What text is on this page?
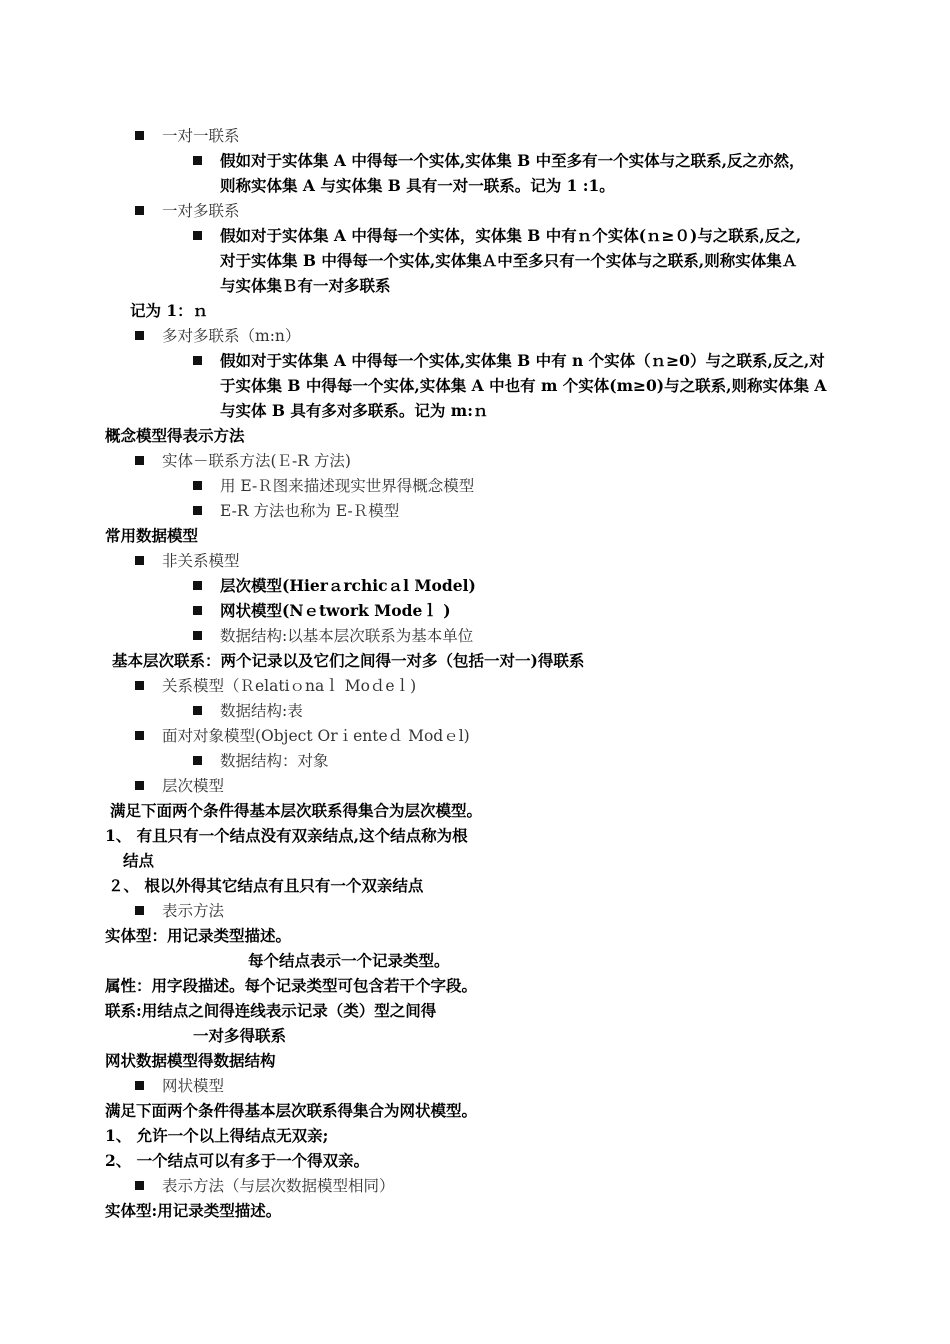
一对一联系
假如对于实体集 A 中得每一个实体,实体集 B 中至多有一个实体与之联系,反之亦然，
则称实体集 A 与实体集 B 具有一对一联系。记为 1 :1。
一对多联系
假如对于实体集 A 中得每一个实体，实体集 B 中有ｎ个实体(ｎ≥０)与之联系,反之,
对于实体集 B 中得每一个实体,实体集Ａ中至多只有一个实体与之联系,则称实体集Ａ
与实体集Ｂ有一对多联系
记为 1：ｎ
多对多联系（m:n）
假如对于实体集 A 中得每一个实体,实体集 B 中有 n 个实体（ｎ≥0）与之联系,反之,对
于实体集 B 中得每一个实体,实体集 A 中也有 m 个实体(m≥0)与之联系,则称实体集 A
与实体 B 具有多对多联系。记为 m:ｎ
概念模型得表示方法
实体－联系方法(Ｅ-R 方法)
用 E-Ｒ图来描述现实世界得概念模型
E-R 方法也称为 E-Ｒ模型
常用数据模型
非关系模型
层次模型(Hierａrchicａl Model)
网状模型(Nｅtwork Modeｌ )
数据结构:以基本层次联系为基本单位
基本层次联系：两个记录以及它们之间得一对多（包括一对一)得联系
关系模型（Ｒelatiｏnaｌ Moｄeｌ)
数据结构:表
面对对象模型(Object Orｉenteｄ Modｅl)
数据结构：对象
层次模型
满足下面两个条件得基本层次联系得集合为层次模型。
1、 有且只有一个结点没有双亲结点,这个结点称为根
结点
２、 根以外得其它结点有且只有一个双亲结点
表示方法
实体型：用记录类型描述。
每个结点表示一个记录类型。
属性：用字段描述。每个记录类型可包含若干个字段。
联系:用结点之间得连线表示记录（类）型之间得
一对多得联系
网状数据模型得数据结构
网状模型
满足下面两个条件得基本层次联系得集合为网状模型。
1、 允许一个以上得结点无双亲;
2、 一个结点可以有多于一个得双亲。
表示方法（与层次数据模型相同）
实体型:用记录类型描述。
